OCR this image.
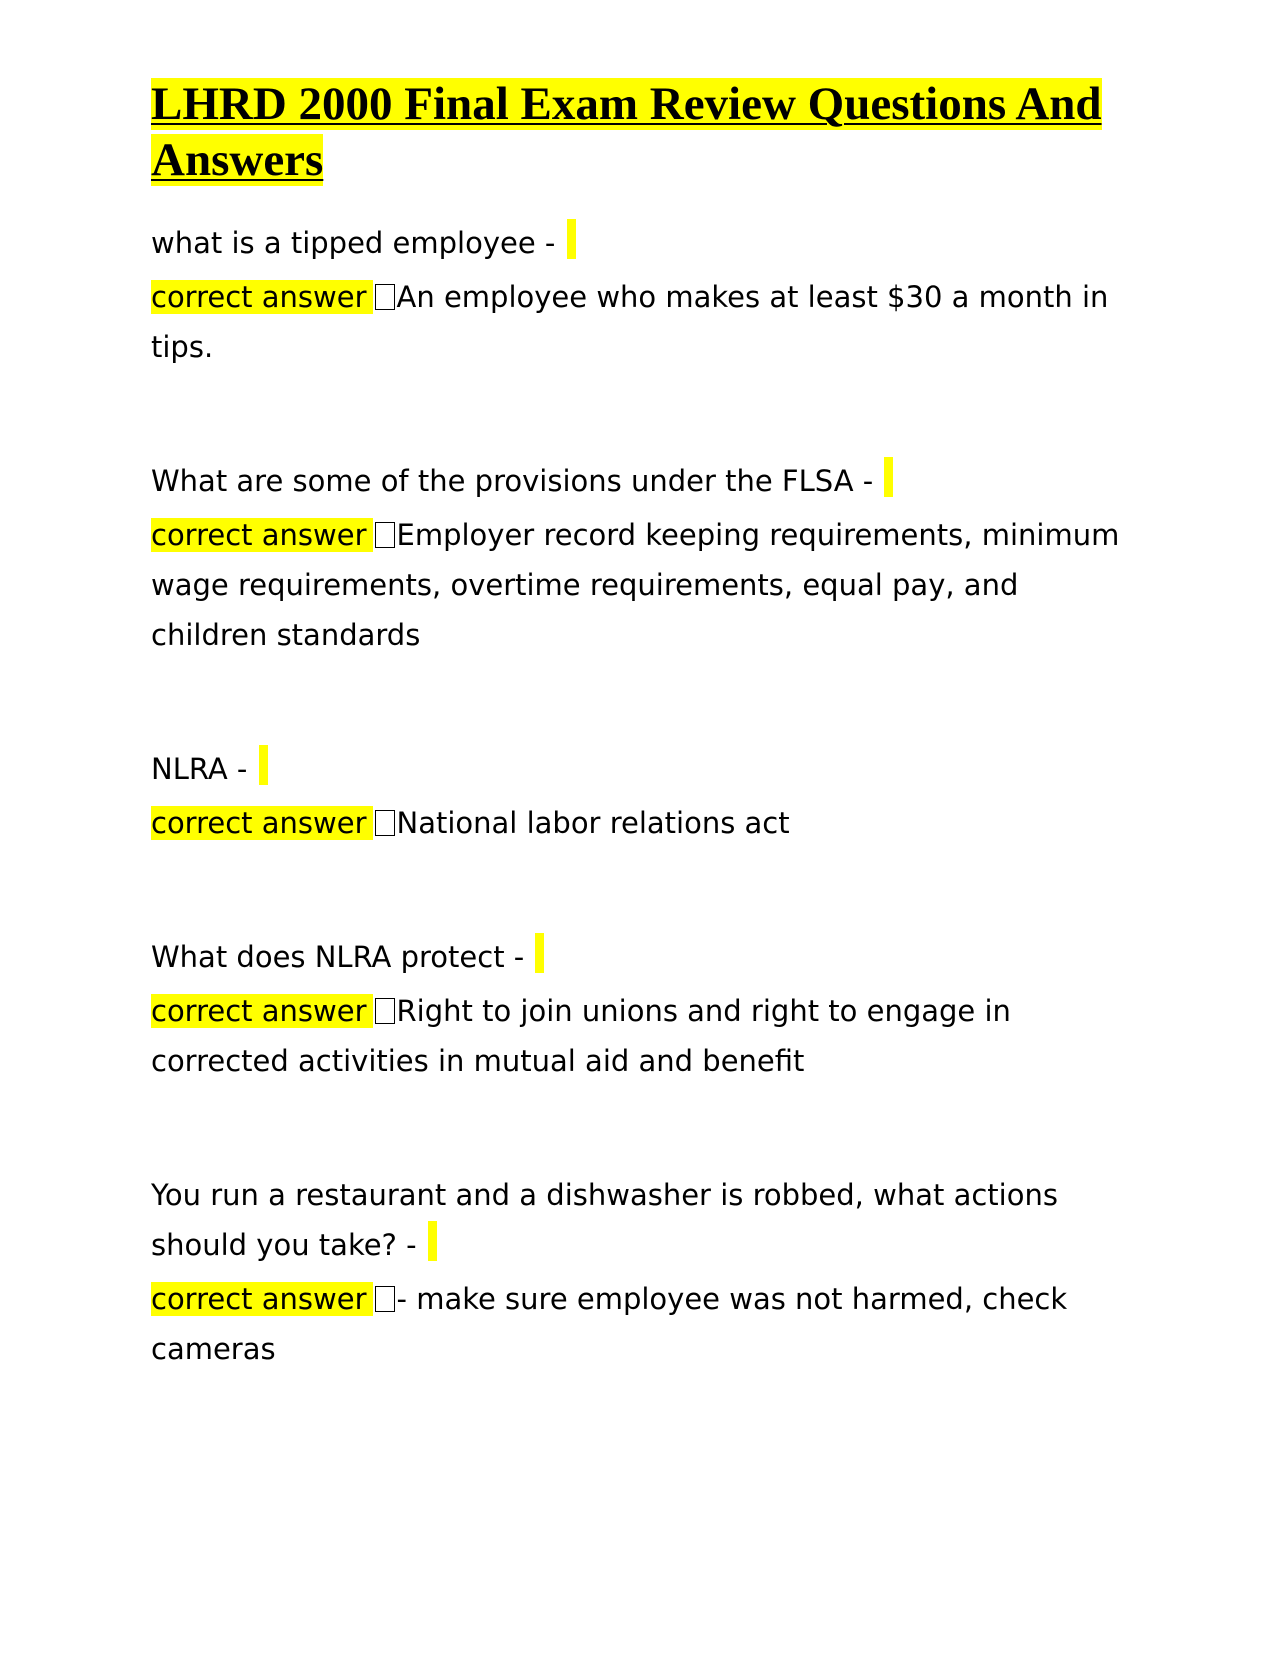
LHRD 2000 Final Exam Review Questions And Answers

what is a tipped employee -

correct answer An employee who makes at least $30 a month in tips.

What are some of the provisions under the FLSA -

correct answer Employer record keeping requirements, minimum wage requirements, overtime requirements, equal pay, and children standards

NLRA -

correct answer National labor relations act

What does NLRA protect -

correct answer Right to join unions and right to engage in corrected activities in mutual aid and benefit

You run a restaurant and a dishwasher is robbed, what actions should you take? -

correct answer - make sure employee was not harmed, check cameras
